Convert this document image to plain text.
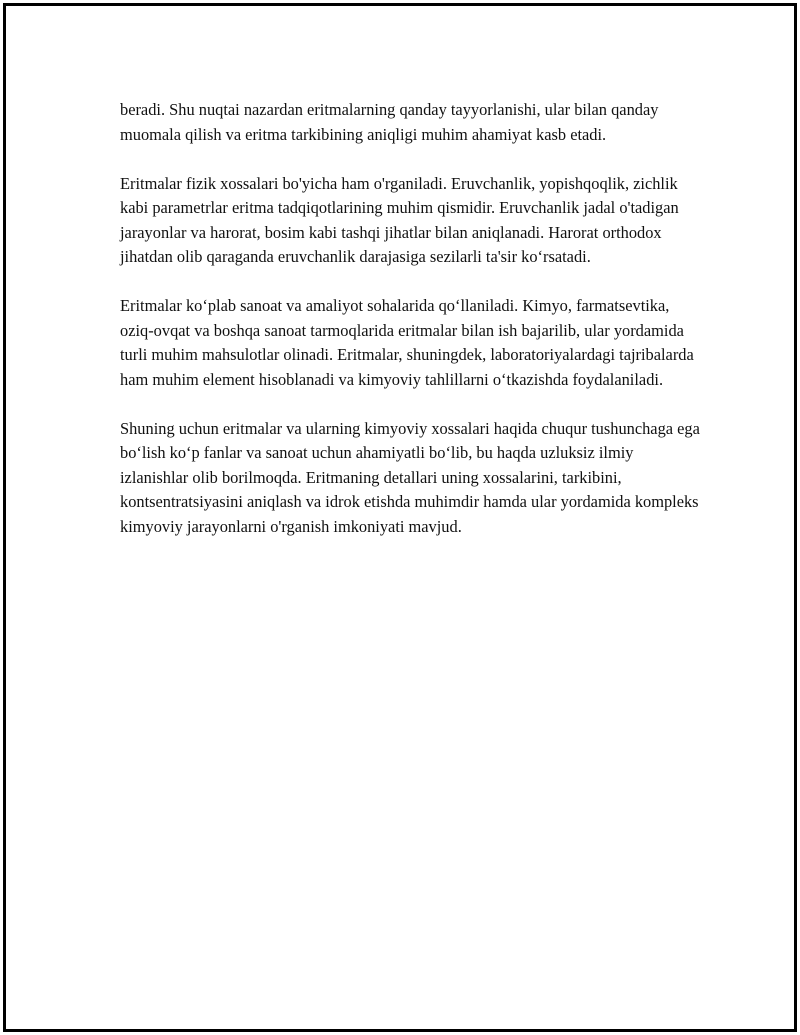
beradi. Shu nuqtai nazardan eritmalarning qanday tayyorlanishi, ular bilan qanday muomala qilish va eritma tarkibining aniqligi muhim ahamiyat kasb etadi.

Eritmalar fizik xossalari bo'yicha ham o'rganiladi. Eruvchanlik, yopishqoqlik, zichlik kabi parametrlar eritma tadqiqotlarining muhim qismidir. Eruvchanlik jadal o'tadigan jarayonlar va harorat, bosim kabi tashqi jihatlar bilan aniqlanadi. Harorat orthodox jihatdan olib qaraganda eruvchanlik darajasiga sezilarli ta'sir koʻrsatadi.

Eritmalar koʻplab sanoat va amaliyot sohalarida qoʻllaniladi. Kimyo, farmatsevtika, oziq-ovqat va boshqa sanoat tarmoqlarida eritmalar bilan ish bajarilib, ular yordamida turli muhim mahsulotlar olinadi. Eritmalar, shuningdek, laboratoriyalardagi tajribalarda ham muhim element hisoblanadi va kimyoviy tahlillarni oʻtkazishda foydalaniladi.

Shuning uchun eritmalar va ularning kimyoviy xossalari haqida chuqur tushunchaga ega boʻlish koʻp fanlar va sanoat uchun ahamiyatli boʻlib, bu haqda uzluksiz ilmiy izlanishlar olib borilmoqda. Eritmaning detallari uning xossalarini, tarkibini, kontsentratsiyasini aniqlash va idrok etishda muhimdir hamda ular yordamida kompleks kimyoviy jarayonlarni o'rganish imkoniyati mavjud.
